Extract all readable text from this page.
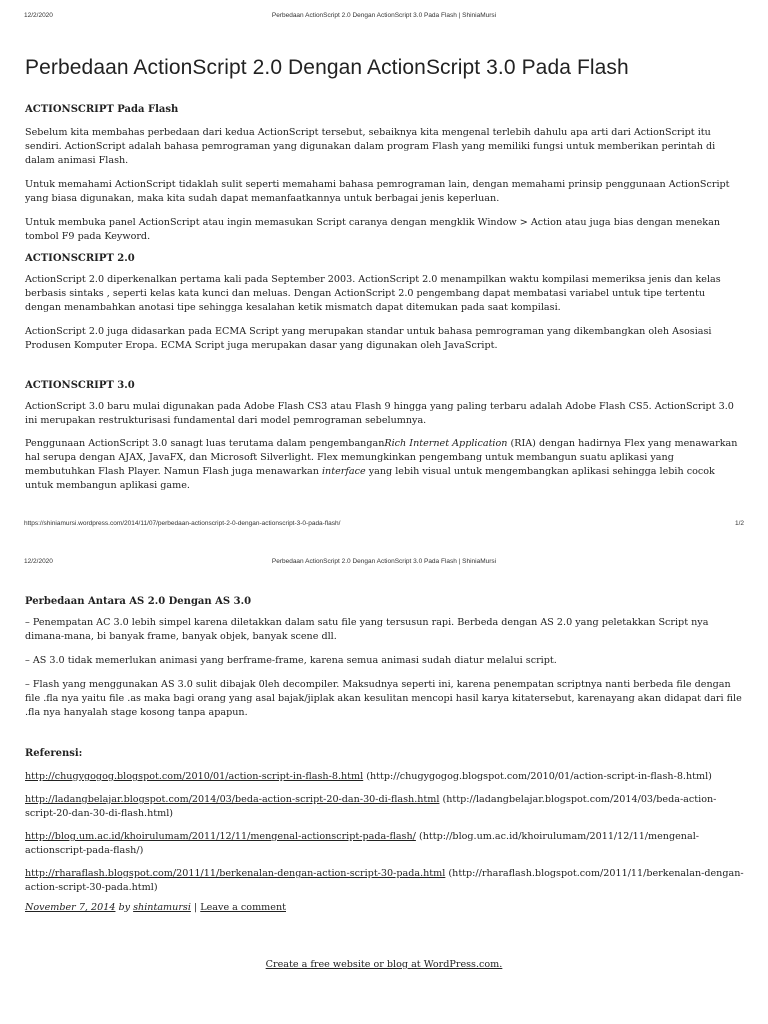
12/2/2020	Perbedaan ActionScript 2.0 Dengan ActionScript 3.0 Pada Flash | ShiniaMursi
Perbedaan ActionScript 2.0 Dengan ActionScript 3.0 Pada Flash
ACTIONSCRIPT Pada Flash

Sebelum kita membahas perbedaan dari kedua ActionScript tersebut, sebaiknya kita mengenal terlebih dahulu apa arti dari ActionScript itu sendiri. ActionScript adalah bahasa pemrograman yang digunakan dalam program Flash yang memiliki fungsi untuk memberikan perintah di dalam animasi Flash.

Untuk memahami ActionScript tidaklah sulit seperti memahami bahasa pemrograman lain, dengan memahami prinsip penggunaan ActionScript yang biasa digunakan, maka kita sudah dapat memanfaatkannya untuk berbagai jenis keperluan.

Untuk membuka panel ActionScript atau ingin memasukan Script caranya dengan mengklik Window > Action atau juga bias dengan menekan tombol F9 pada Keyword.

ACTIONSCRIPT 2.0

ActionScript 2.0 diperkenalkan pertama kali pada September 2003. ActionScript 2.0 menampilkan waktu kompilasi memeriksa jenis dan kelas berbasis sintaks , seperti kelas kata kunci dan meluas. Dengan ActionScript 2.0 pengembang dapat membatasi variabel untuk tipe tertentu dengan menambahkan anotasi tipe sehingga kesalahan ketik mismatch dapat ditemukan pada saat kompilasi.

ActionScript 2.0 juga didasarkan pada ECMA Script yang merupakan standar untuk bahasa pemrograman yang dikembangkan oleh Asosiasi Produsen Komputer Eropa. ECMA Script juga merupakan dasar yang digunakan oleh JavaScript.

ACTIONSCRIPT 3.0

ActionScript 3.0 baru mulai digunakan pada Adobe Flash CS3 atau Flash 9 hingga yang paling terbaru adalah Adobe Flash CS5. ActionScript 3.0 ini merupakan restrukturisasi fundamental dari model pemrograman sebelumnya.

Penggunaan ActionScript 3.0 sanagt luas terutama dalam pengembanganRich Internet Application (RIA) dengan hadirnya Flex yang menawarkan hal serupa dengan AJAX, JavaFX, dan Microsoft Silverlight. Flex memungkinkan pengembang untuk membangun suatu aplikasi yang membutuhkan Flash Player. Namun Flash juga menawarkan interface yang lebih visual untuk mengembangkan aplikasi sehingga lebih cocok untuk membangun aplikasi game.

https://shiniamursi.wordpress.com/2014/11/07/perbedaan-actionscript-2-0-dengan-actionscript-3-0-pada-flash/	1/2
12/2/2020	Perbedaan ActionScript 2.0 Dengan ActionScript 3.0 Pada Flash | ShiniaMursi
Perbedaan Antara AS 2.0 Dengan AS 3.0

– Penempatan AC 3.0 lebih simpel karena diletakkan dalam satu file yang tersusun rapi. Berbeda dengan AS 2.0 yang peletakkan Script nya dimana-mana, bi banyak frame, banyak objek, banyak scene dll.

– AS 3.0 tidak memerlukan animasi yang berframe-frame, karena semua animasi sudah diatur melalui script.

– Flash yang menggunakan AS 3.0 sulit dibajak 0leh decompiler. Maksudnya seperti ini, karena penempatan scriptnya nanti berbeda file dengan file .fla nya yaitu file .as maka bagi orang yang asal bajak/jiplak akan kesulitan mencopi hasil karya kitatersebut, karenayang akan didapat dari file .fla nya hanyalah stage kosong tanpa apapun.

Referensi:

http://chugygogog.blogspot.com/2010/01/action-script-in-flash-8.html (http://chugygogog.blogspot.com/2010/01/action-script-in-flash-8.html)

http://ladangbelajar.blogspot.com/2014/03/beda-action-script-20-dan-30-di-flash.html (http://ladangbelajar.blogspot.com/2014/03/beda-action-script-20-dan-30-di-flash.html)

http://blog.um.ac.id/khoirulumam/2011/12/11/mengenal-actionscript-pada-flash/ (http://blog.um.ac.id/khoirulumam/2011/12/11/mengenal-actionscript-pada-flash/)

http://rharaflash.blogspot.com/2011/11/berkenalan-dengan-action-script-30-pada.html (http://rharaflash.blogspot.com/2011/11/berkenalan-dengan-action-script-30-pada.html)

November 7, 2014 by shintamursi | Leave a comment
Create a free website or blog at WordPress.com.
